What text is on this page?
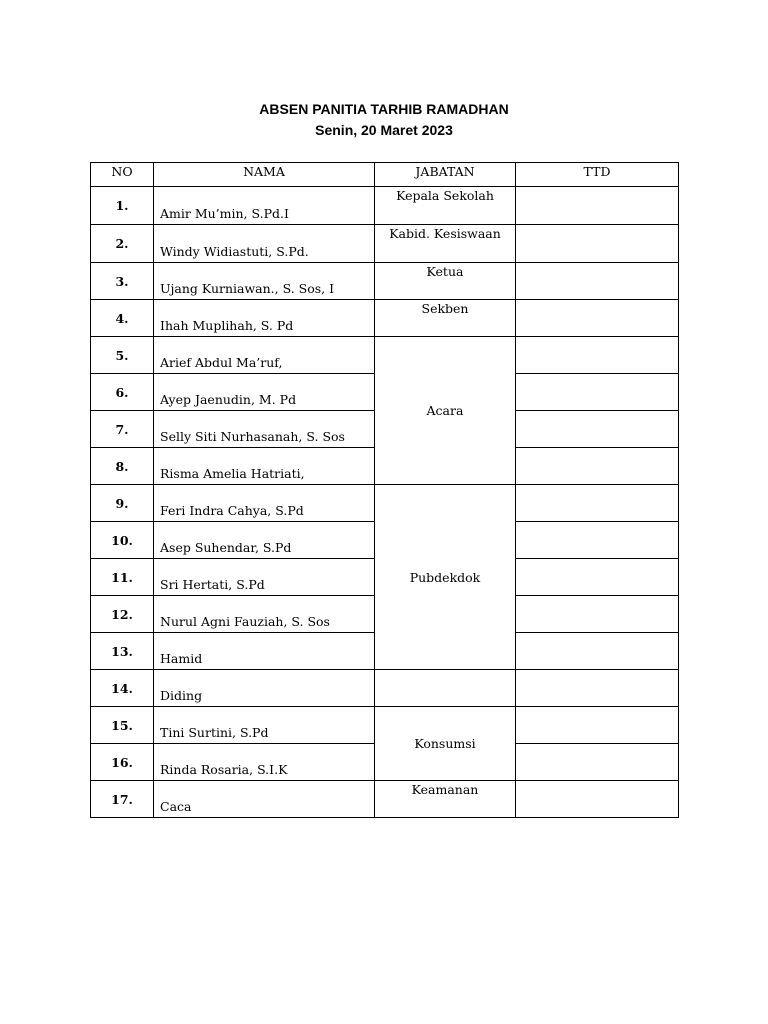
ABSEN PANITIA TARHIB RAMADHAN
Senin, 20 Maret 2023
NO	NAMA	JABATAN	TTD
1.	Amir Mu’min, S.Pd.I	Kepala Sekolah	
2.	Windy Widiastuti, S.Pd.	Kabid. Kesiswaan	
3.	Ujang Kurniawan., S. Sos, I	Ketua	
4.	Ihah Muplihah, S. Pd	Sekben	
5.	Arief Abdul Ma’ruf,	Acara	
6.	Ayep Jaenudin, M. Pd		
7.	Selly Siti Nurhasanah, S. Sos		
8.	Risma Amelia Hatriati,		
9.	Feri Indra Cahya, S.Pd	Pubdekdok	
10.	Asep Suhendar, S.Pd		
11.	Sri Hertati, S.Pd		
12.	Nurul Agni Fauziah, S. Sos		
13.	Hamid		
14.	Diding		
15.	Tini Surtini, S.Pd	Konsumsi	
16.	Rinda Rosaria, S.I.K		
17.	Caca	Keamanan	
